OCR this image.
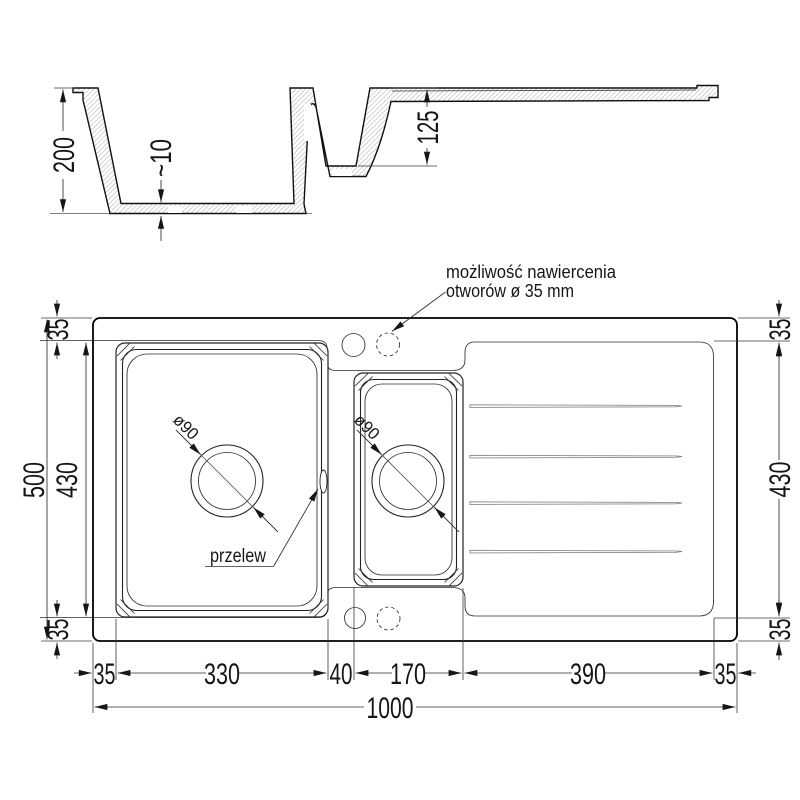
200
125
~10
ø90	ø90
możliwość nawiercenia
otworów ø 35 mm
przelew
35	330	40 170	390	35
1000
500 430
35
35
35
430
35
